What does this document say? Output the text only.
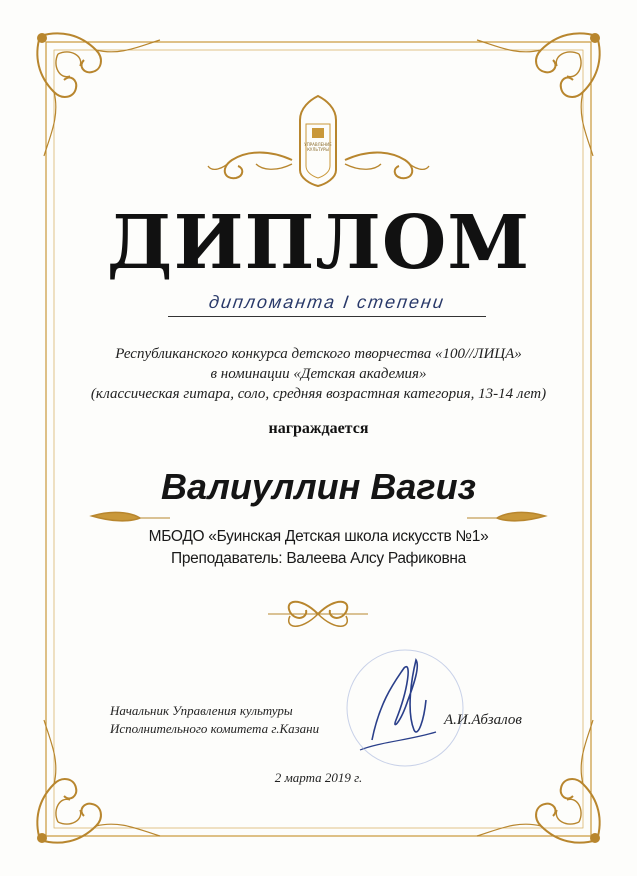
УПРАВЛЕНИЕ
КУЛЬТУРЫ
ДИПЛОМ
дипломанта I степени
Республиканского конкурса детского творчества «100//ЛИЦА»
в номинации «Детская академия»
(классическая гитара, соло, средняя возрастная категория, 13-14 лет)
награждается
Валиуллин Вагиз
МБОДО «Буинская Детская школа искусств №1»
Преподаватель: Валеева Алсу Рафиковна
Начальник Управления культуры
Исполнительного комитета г.Казани
А.И.Абзалов
2 марта 2019 г.
